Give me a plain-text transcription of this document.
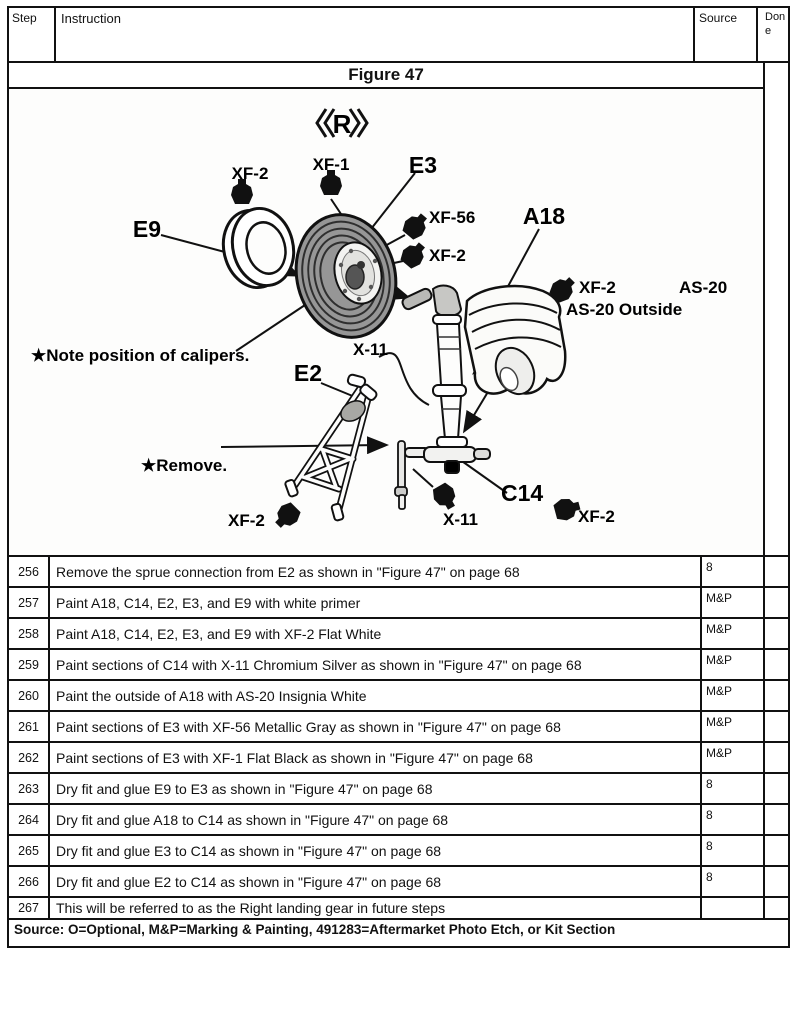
Step	Instruction	Source	Done
Figure 47
R
XF-2	XF-1	E3
E9	XF-56
XF-2
A18
XF-2	AS-20
AS-20 Outside
X-11
★Note position of calipers.
E2
★Remove.
XF-2	X-11
C14
XF-2
256	Remove the sprue connection from E2 as shown in "Figure 47" on page 68	8
257	Paint A18, C14, E2, E3, and E9 with white primer	M&P
258	Paint A18, C14, E2, E3, and E9 with XF-2 Flat White	M&P
259	Paint sections of C14 with X-11 Chromium Silver as shown in "Figure 47" on page 68	M&P
260	Paint the outside of A18 with AS-20 Insignia White	M&P
261	Paint sections of E3 with XF-56 Metallic Gray as shown in "Figure 47" on page 68	M&P
262	Paint sections of E3 with XF-1 Flat Black as shown in "Figure 47" on page 68	M&P
263	Dry fit and glue E9 to E3 as shown in "Figure 47" on page 68	8
264	Dry fit and glue A18 to C14 as shown in "Figure 47" on page 68	8
265	Dry fit and glue E3 to C14 as shown in "Figure 47" on page 68	8
266	Dry fit and glue E2 to C14 as shown in "Figure 47" on page 68	8
267	This will be referred to as the Right landing gear in future steps
Source: O=Optional, M&P=Marking & Painting, 491283=Aftermarket Photo Etch, or Kit Section
